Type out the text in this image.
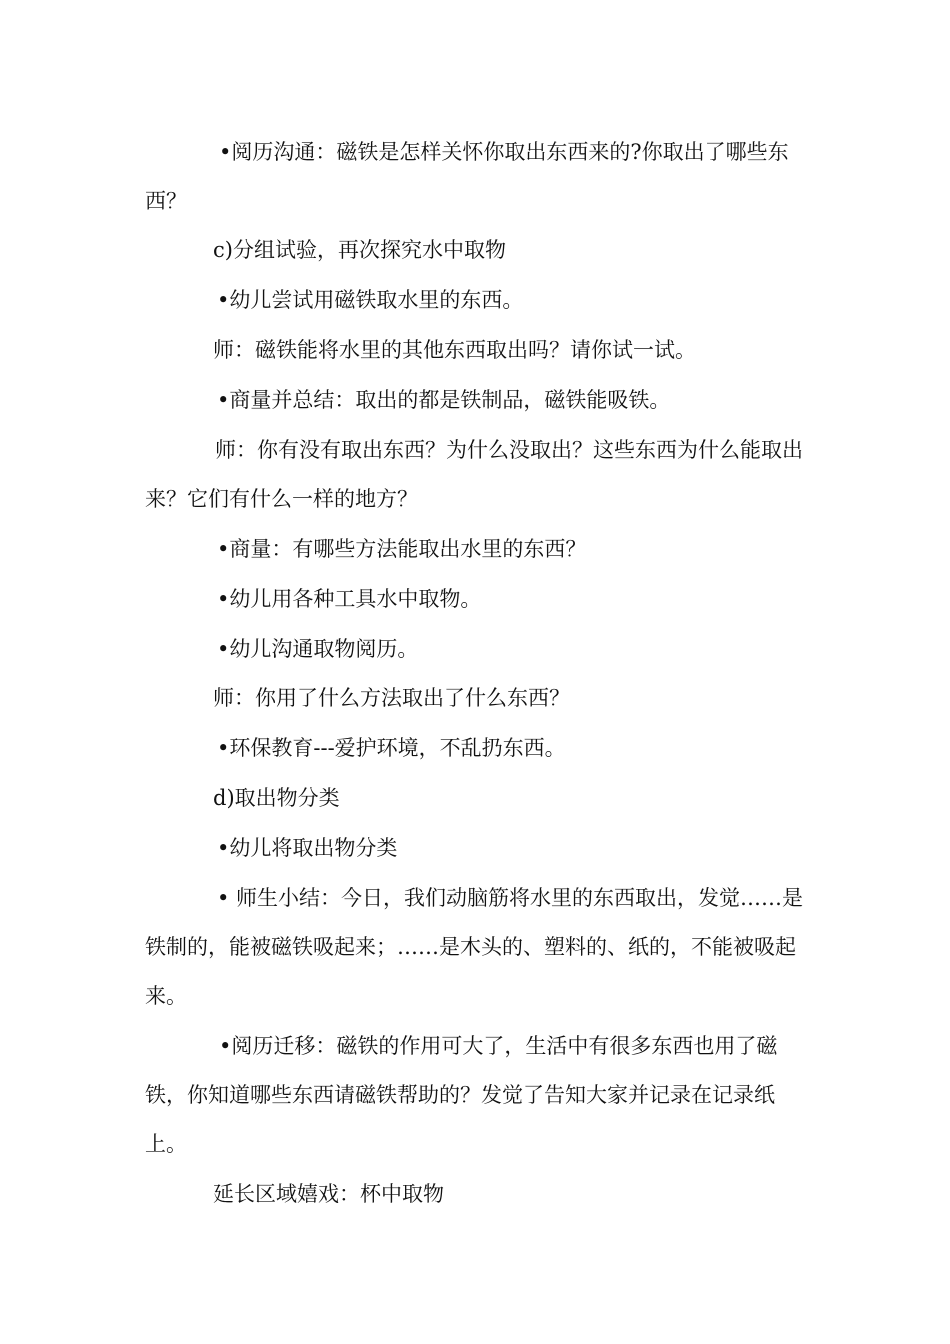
•阅历沟通：磁铁是怎样关怀你取出东西来的?你取出了哪些东西？

c)分组试验，再次探究水中取物

•幼儿尝试用磁铁取水里的东西。

师：磁铁能将水里的其他东西取出吗？请你试一试。

•商量并总结：取出的都是铁制品，磁铁能吸铁。

师：你有没有取出东西？为什么没取出？这些东西为什么能取出来？它们有什么一样的地方？

•商量：有哪些方法能取出水里的东西？

•幼儿用各种工具水中取物。

•幼儿沟通取物阅历。

师：你用了什么方法取出了什么东西？

•环保教育---爱护环境，不乱扔东西。

d)取出物分类

•幼儿将取出物分类

• 师生小结：今日，我们动脑筋将水里的东西取出，发觉……是铁制的，能被磁铁吸起来；……是木头的、塑料的、纸的，不能被吸起来。

•阅历迁移：磁铁的作用可大了，生活中有很多东西也用了磁铁，你知道哪些东西请磁铁帮助的？发觉了告知大家并记录在记录纸上。

延长区域嬉戏：杯中取物
